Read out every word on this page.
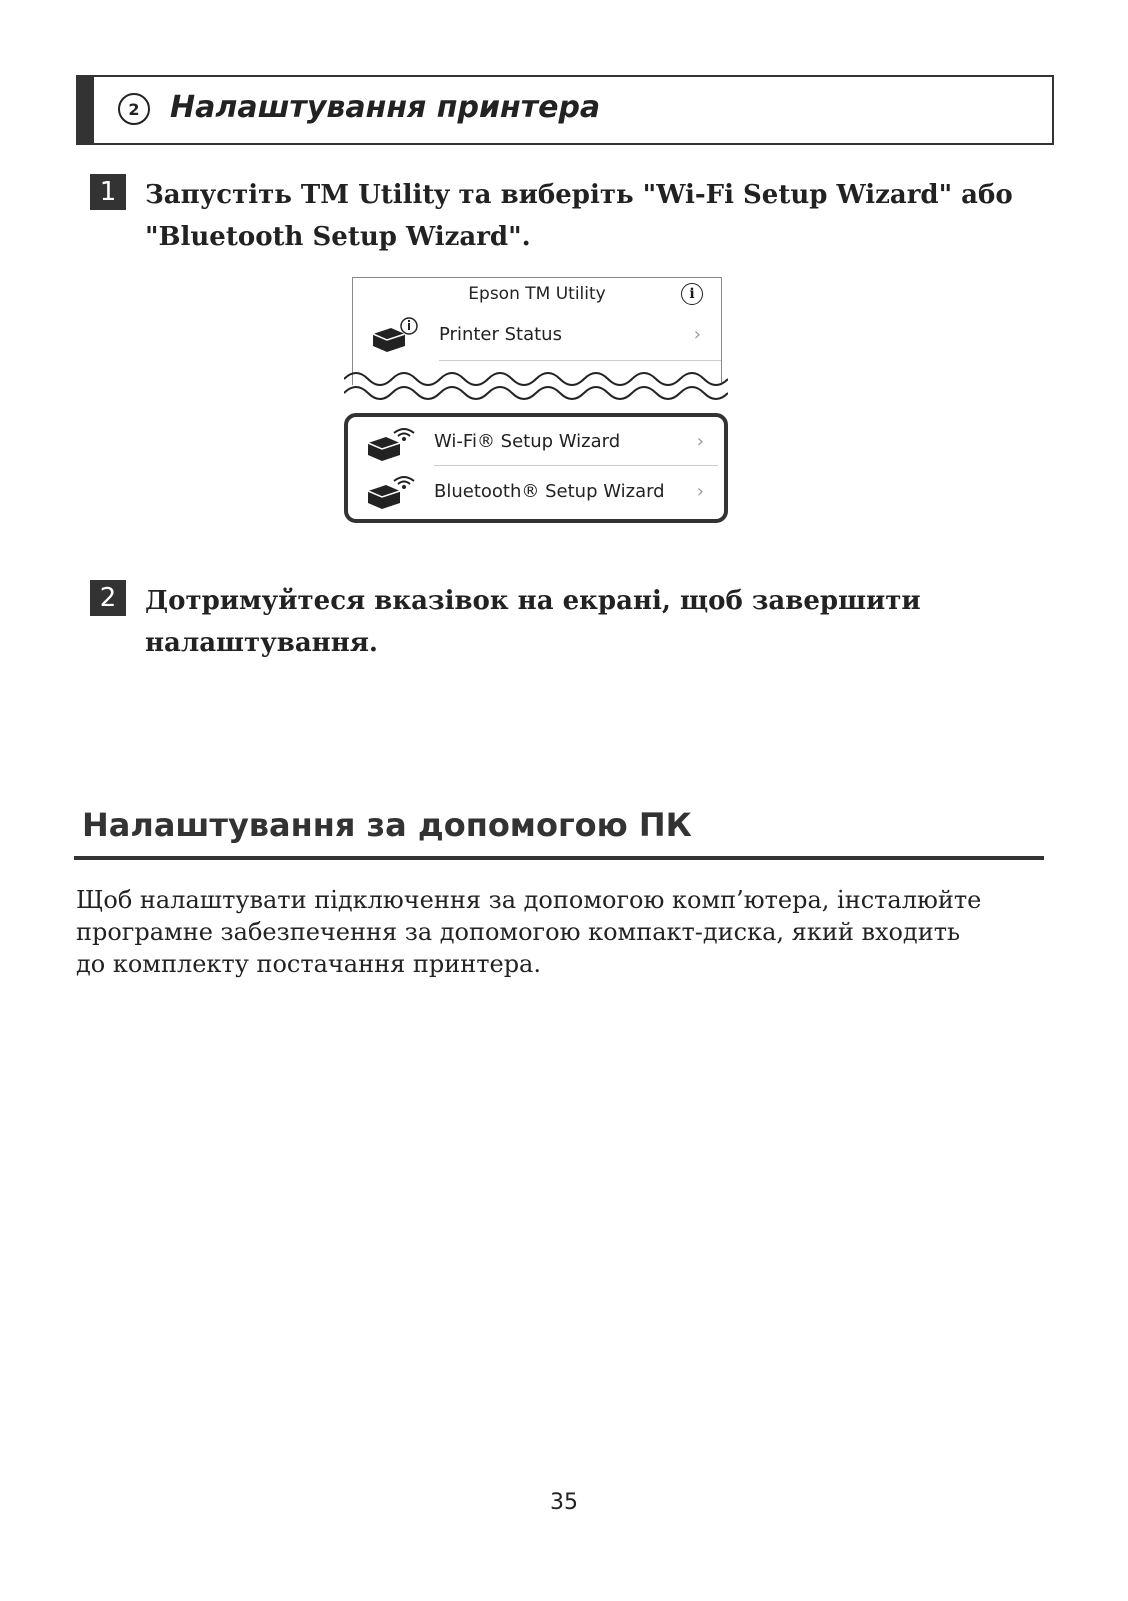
2	Налаштування принтера
1	Запустіть TM Utility та виберіть "Wi-Fi Setup Wizard" або
"Bluetooth Setup Wizard".
Epson TM Utility	i
Printer Status	›
Wi-Fi® Setup Wizard	›
Bluetooth® Setup Wizard ›
2	Дотримуйтеся вказівок на екрані, щоб завершити
налаштування.
Налаштування за допомогою ПК
Щоб налаштувати підключення за допомогою комп’ютера, інсталюйте
програмне забезпечення за допомогою компакт-диска, який входить
до комплекту постачання принтера.
35
